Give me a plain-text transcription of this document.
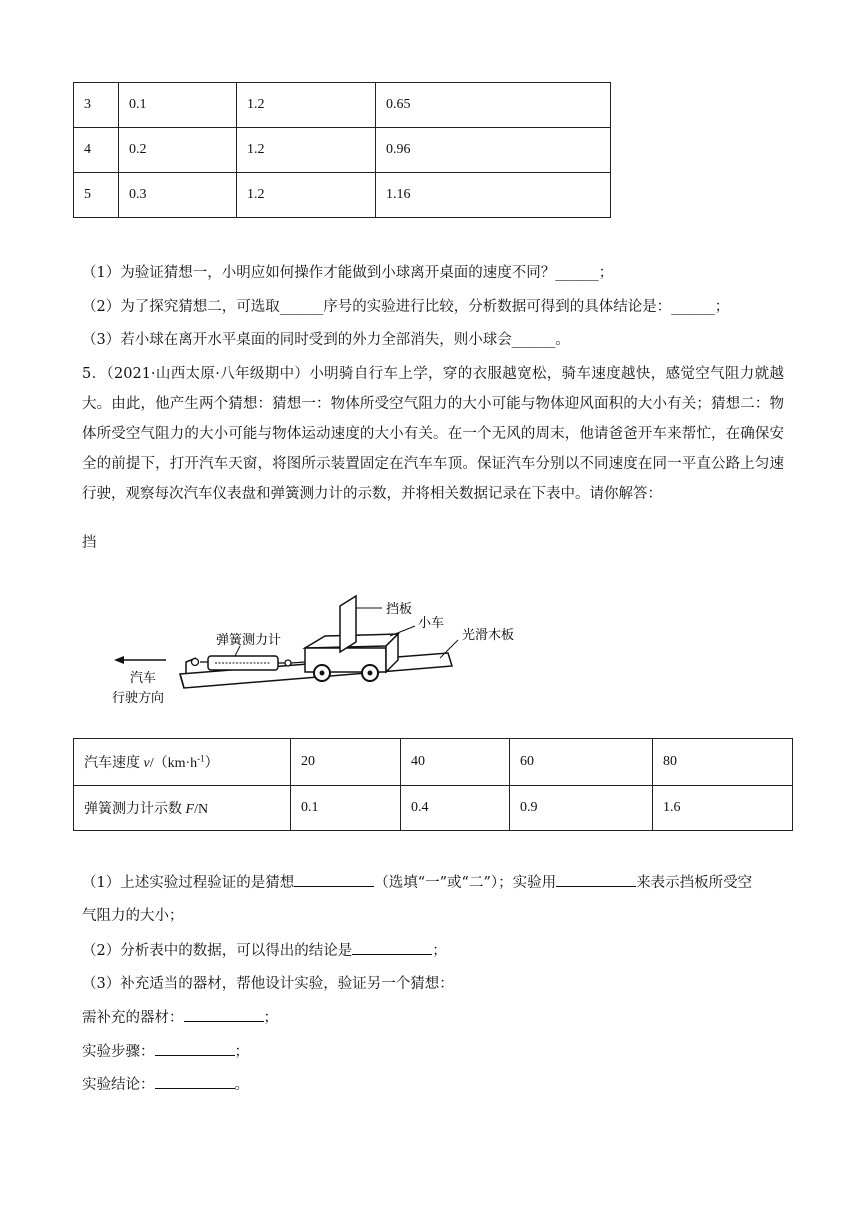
3	0.1	1.2	0.65
4	0.2	1.2	0.96
5	0.3	1.2	1.16
（1）为验证猜想一，小明应如何操作才能做到小球离开桌面的速度不同？______；
（2）为了探究猜想二，可选取______序号的实验进行比较，分析数据可得到的具体结论是：______；
（3）若小球在离开水平桌面的同时受到的外力全部消失，则小球会______。
5．（2021·山西太原·八年级期中）小明骑自行车上学，穿的衣服越宽松，骑车速度越快，感觉空气阻力就越大。由此，他产生两个猜想：猜想一：物体所受空气阻力的大小可能与物体迎风面积的大小有关；猜想二：物体所受空气阻力的大小可能与物体运动速度的大小有关。在一个无风的周末，他请爸爸开车来帮忙，在确保安全的前提下，打开汽车天窗，将图所示装置固定在汽车车顶。保证汽车分别以不同速度在同一平直公路上匀速行驶，观察每次汽车仪表盘和弹簧测力计的示数，并将相关数据记录在下表中。请你解答：
挡
挡板
弹簧测力计
小车
光滑木板
汽车
行驶方向
汽车速度 $v/(km\cdot h^{-1})$	20	40	60	80
弹簧测力计示数 F/N	0.1	0.4	0.9	1.6
（1）上述实验过程验证的是猜想	（选填“一”或“二”）；实验用	来表示挡板所受空
气阻力的大小；
（2）分析表中的数据，可以得出的结论是	；
（3）补充适当的器材，帮他设计实验，验证另一个猜想：
需补充的器材：	；
实验步骤：	；
实验结论：	。
